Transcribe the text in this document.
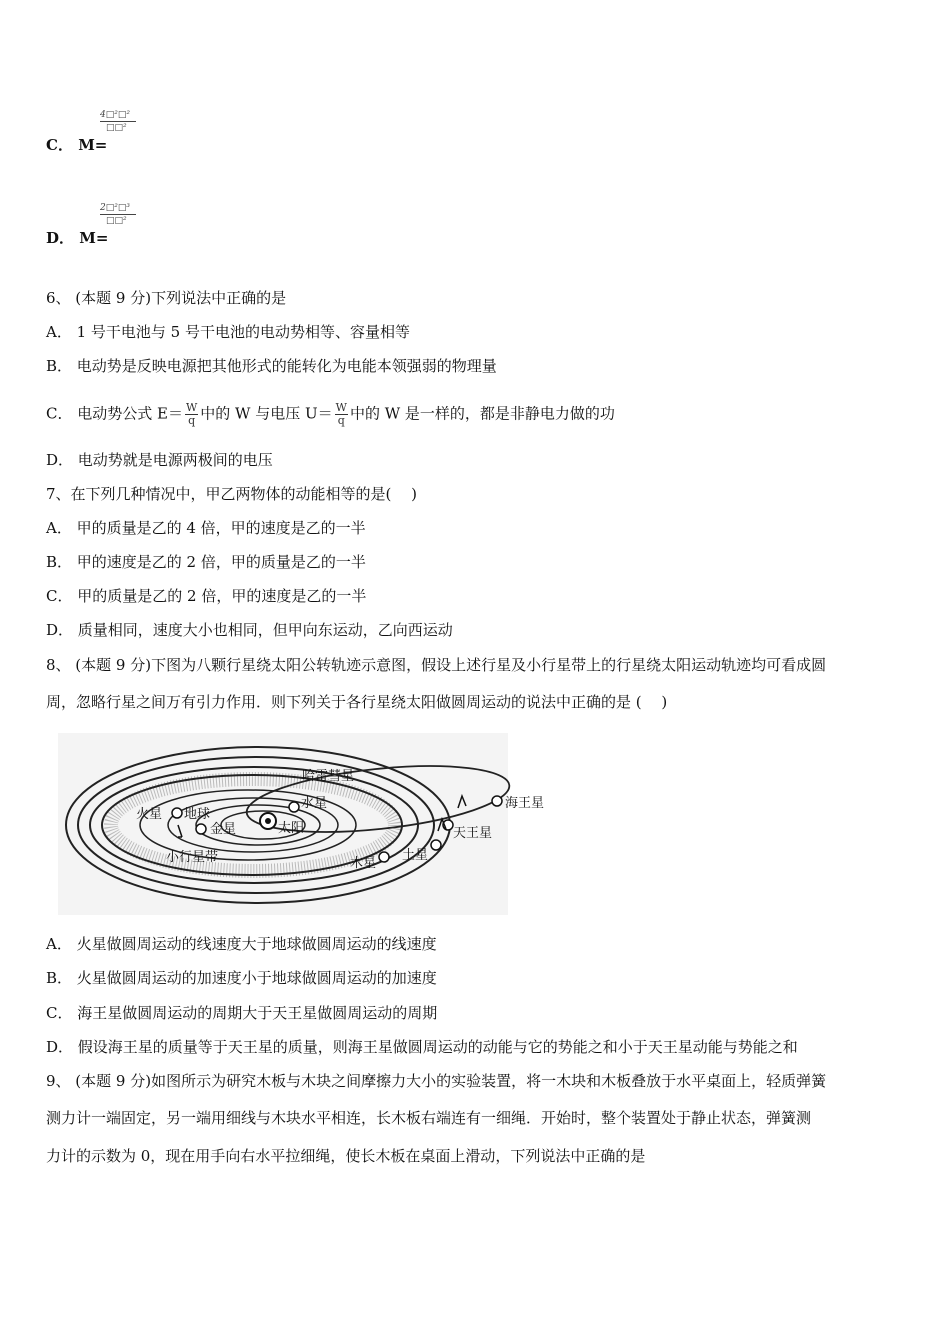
C． M=
4□²□²
□□²
D． M=
2□²□³
□□²
6、 (本题 9 分)下列说法中正确的是
A． 1 号干电池与 5 号干电池的电动势相等、容量相等
B． 电动势是反映电源把其他形式的能转化为电能本领强弱的物理量
C． 电动势公式 $E= \frac{W}{q}$ 中的 W 与电压 $U= \frac{W}{q}$ 中的 W 是一样的，都是非静电力做的功
D． 电动势就是电源两极间的电压
7、在下列几种情况中，甲乙两物体的动能相等的是(　 )
A． 甲的质量是乙的 4 倍，甲的速度是乙的一半
B． 甲的速度是乙的 2 倍，甲的质量是乙的一半
C． 甲的质量是乙的 2 倍，甲的速度是乙的一半
D． 质量相同，速度大小也相同，但甲向东运动，乙向西运动
8、 (本题 9 分)下图为八颗行星绕太阳公转轨迹示意图，假设上述行星及小行星带上的行星绕太阳运动轨迹均可看成圆
周，忽略行星之间万有引力作用．则下列关于各行星绕太阳做圆周运动的说法中正确的是 (　 )
哈雷彗星
水星
火星 地球
金星	太阳
海王星
天王星
土星
木星
小行星带
A． 火星做圆周运动的线速度大于地球做圆周运动的线速度
B． 火星做圆周运动的加速度小于地球做圆周运动的加速度
C． 海王星做圆周运动的周期大于天王星做圆周运动的周期
D． 假设海王星的质量等于天王星的质量，则海王星做圆周运动的动能与它的势能之和小于天王星动能与势能之和
9、 (本题 9 分)如图所示为研究木板与木块之间摩擦力大小的实验装置，将一木块和木板叠放于水平桌面上，轻质弹簧
测力计一端固定，另一端用细线与木块水平相连，长木板右端连有一细绳．开始时，整个装置处于静止状态，弹簧测
力计的示数为 0，现在用手向右水平拉细绳，使长木板在桌面上滑动，下列说法中正确的是
